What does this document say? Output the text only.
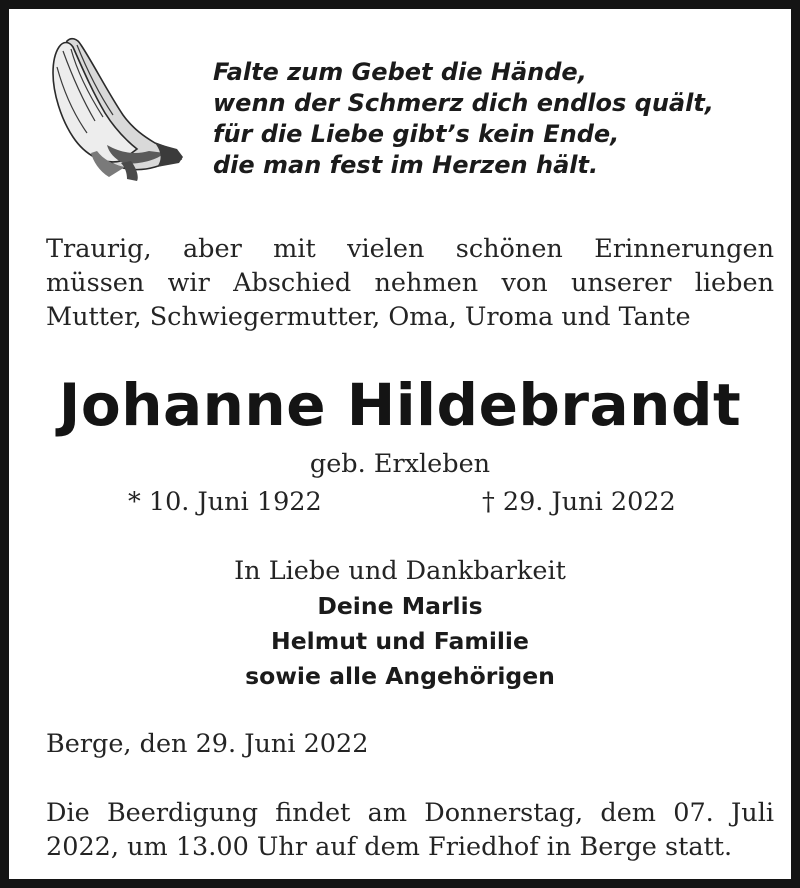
Falte zum Gebet die Hände,
wenn der Schmerz dich endlos quält,
für die Liebe gibt’s kein Ende,
die man fest im Herzen hält.
Traurig, aber mit vielen schönen Erinnerungen
müssen wir Abschied nehmen von unserer lieben
Mutter, Schwiegermutter, Oma, Uroma und Tante
Johanne Hildebrandt
geb. Erxleben
* 10. Juni 1922	† 29. Juni 2022
In Liebe und Dankbarkeit
Deine Marlis
Helmut und Familie
sowie alle Angehörigen
Berge, den 29. Juni 2022
Die Beerdigung findet am Donnerstag, dem 07. Juli
2022, um 13.00 Uhr auf dem Friedhof in Berge statt.
